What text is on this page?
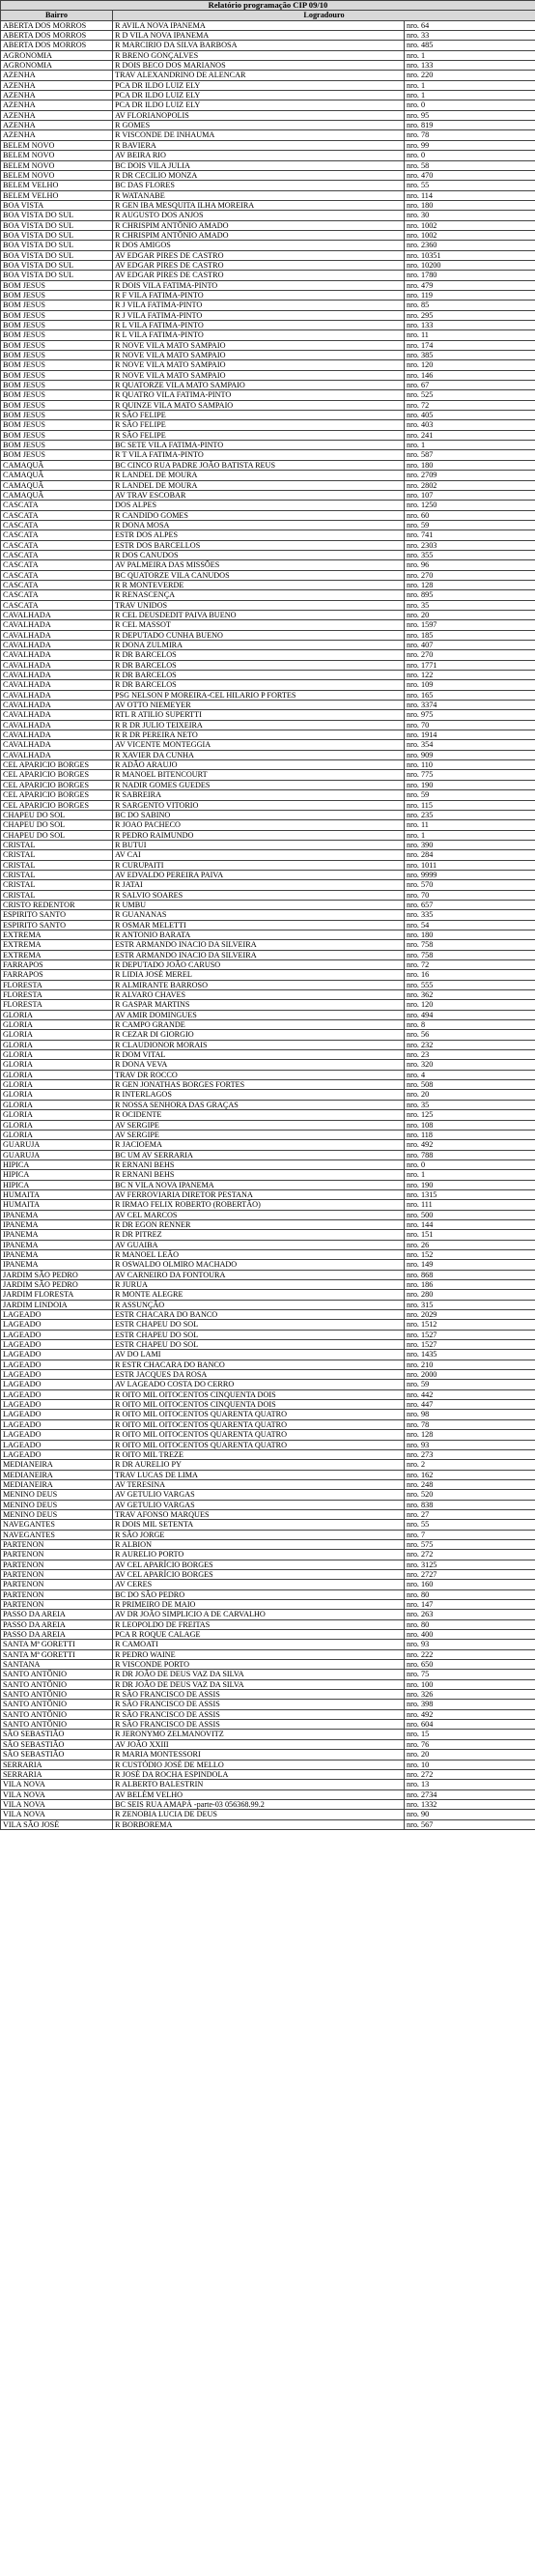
Relatório programação CIP 09/10		
Bairro	Logradouro	
ABERTA DOS MORROS	R AVILA NOVA IPANEMA	nro. 64
ABERTA DOS MORROS	R D VILA NOVA IPANEMA	nro. 33
ABERTA DOS MORROS	R MARCIRIO DA SILVA BARBOSA	nro. 485
AGRONOMIA	R BRENO GONÇALVES	nro. 1
AGRONOMIA	R DOIS BECO DOS MARIANOS	nro. 133
AZENHA	TRAV ALEXANDRINO DE ALENCAR	nro. 220
AZENHA	PCA DR ILDO LUIZ ELY	nro. 1
AZENHA	PCA DR ILDO LUIZ ELY	nro. 1
AZENHA	PCA DR ILDO LUIZ ELY	nro. 0
AZENHA	AV FLORIANOPOLIS	nro. 95
AZENHA	R GOMES	nro. 819
AZENHA	R VISCONDE DE INHAUMA	nro. 78
BELEM NOVO	R BAVIERA	nro. 99
BELEM NOVO	AV BEIRA RIO	nro. 0
BELEM NOVO	BC DOIS VILA JULIA	nro. 58
BELEM NOVO	R DR CECILIO MONZA	nro. 470
BELEM VELHO	BC DAS FLORES	nro. 55
BELEM VELHO	R WATANABE	nro. 114
BOA VISTA	R GEN IBA MESQUITA ILHA MOREIRA	nro. 180
BOA VISTA DO SUL	R AUGUSTO DOS ANJOS	nro. 30
BOA VISTA DO SUL	R CHRISPIM ANTÔNIO AMADO	nro. 1002
BOA VISTA DO SUL	R CHRISPIM ANTÔNIO AMADO	nro. 1002
BOA VISTA DO SUL	R DOS AMIGOS	nro. 2360
BOA VISTA DO SUL	AV EDGAR PIRES DE CASTRO	nro. 10351
BOA VISTA DO SUL	AV EDGAR PIRES DE CASTRO	nro. 10200
BOA VISTA DO SUL	AV EDGAR PIRES DE CASTRO	nro. 1780
BOM JESUS	R DOIS VILA FATIMA-PINTO	nro. 479
BOM JESUS	R F VILA FATIMA-PINTO	nro. 119
BOM JESUS	R J VILA FATIMA-PINTO	nro. 85
BOM JESUS	R J VILA FATIMA-PINTO	nro. 295
BOM JESUS	R L VILA FATIMA-PINTO	nro. 133
BOM JESUS	R L VILA FATIMA-PINTO	nro. 11
BOM JESUS	R NOVE VILA MATO SAMPAIO	nro. 174
BOM JESUS	R NOVE VILA MATO SAMPAIO	nro. 385
BOM JESUS	R NOVE VILA MATO SAMPAIO	nro. 120
BOM JESUS	R NOVE VILA MATO SAMPAIO	nro. 146
BOM JESUS	R QUATORZE VILA MATO SAMPAIO	nro. 67
BOM JESUS	R QUATRO VILA FATIMA-PINTO	nro. 525
BOM JESUS	R QUINZE VILA MATO SAMPAIO	nro. 72
BOM JESUS	R SÃO FELIPE	nro. 405
BOM JESUS	R SÃO FELIPE	nro. 403
BOM JESUS	R SÃO FELIPE	nro. 241
BOM JESUS	BC SETE VILA FATIMA-PINTO	nro. 1
BOM JESUS	R T VILA FATIMA-PINTO	nro. 587
CAMAQUÃ	BC CINCO RUA PADRE JOÃO BATISTA REUS	nro. 180
CAMAQUÃ	R LANDEL DE MOURA	nro. 2709
CAMAQUÃ	R LANDEL DE MOURA	nro. 2802
CAMAQUÃ	AV TRAV ESCOBAR	nro. 107
CASCATA	DOS ALPES	nro. 1250
CASCATA	R CANDIDO GOMES	nro. 60
CASCATA	R DONA MOSA	nro. 59
CASCATA	ESTR DOS ALPES	nro. 741
CASCATA	ESTR DOS BARCELLOS	nro. 2303
CASCATA	R DOS CANUDOS	nro. 355
CASCATA	AV PALMEIRA DAS MISSÕES	nro. 96
CASCATA	BC QUATORZE VILA CANUDOS	nro. 270
CASCATA	R R MONTEVERDE	nro. 128
CASCATA	R RENASCENÇA	nro. 895
CASCATA	TRAV UNIDOS	nro. 35
CAVALHADA	R CEL DEUSDEDIT PAIVA BUENO	nro. 20
CAVALHADA	R CEL MASSOT	nro. 1597
CAVALHADA	R DEPUTADO CUNHA BUENO	nro. 185
CAVALHADA	R DONA ZULMIRA	nro. 407
CAVALHADA	R DR BARCELOS	nro. 270
CAVALHADA	R DR BARCELOS	nro. 1771
CAVALHADA	R DR BARCELOS	nro. 122
CAVALHADA	R DR BARCELOS	nro. 109
CAVALHADA	PSG NELSON P MOREIRA-CEL HILARIO P FORTES	nro. 165
CAVALHADA	AV OTTO NIEMEYER	nro. 3374
CAVALHADA	RTL R ATILIO SUPERTTI	nro. 975
CAVALHADA	R R DR JULIO TEIXEIRA	nro. 70
CAVALHADA	R R DR PEREIRA NETO	nro. 1914
CAVALHADA	AV VICENTE MONTEGGIA	nro. 354
CAVALHADA	R XAVIER DA CUNHA	nro. 909
CEL APARICIO BORGES	R ADÃO ARAUJO	nro. 110
CEL APARICIO BORGES	R MANOEL BITENCOURT	nro. 775
CEL APARICIO BORGES	R NADIR GOMES GUEDES	nro. 190
CEL APARICIO BORGES	R SABREIRA	nro. 59
CEL APARICIO BORGES	R SARGENTO VITORIO	nro. 115
CHAPEU DO SOL	BC DO SABINO	nro. 235
CHAPEU DO SOL	R JOAO PACHECO	nro. 11
CHAPEU DO SOL	R PEDRO RAIMUNDO	nro. 1
CRISTAL	R BUTUI	nro. 390
CRISTAL	AV CAI	nro. 284
CRISTAL	R CURUPAITI	nro. 1011
CRISTAL	AV EDVALDO PEREIRA PAIVA	nro. 9999
CRISTAL	R JATAI	nro. 570
CRISTAL	R SALVIO SOARES	nro. 70
CRISTO REDENTOR	R UMBU	nro. 657
ESPIRITO SANTO	R GUANANAS	nro. 335
ESPIRITO SANTO	R OSMAR MELETTI	nro. 54
EXTREMA	R ANTONIO BARATA	nro. 180
EXTREMA	ESTR ARMANDO INACIO DA SILVEIRA	nro. 758
EXTREMA	ESTR ARMANDO INACIO DA SILVEIRA	nro. 758
FARRAPOS	R DEPUTADO JOÃO CARUSO	nro. 72
FARRAPOS	R LIDIA JOSÉ MEREL	nro. 16
FLORESTA	R ALMIRANTE BARROSO	nro. 555
FLORESTA	R ALVARO CHAVES	nro. 362
FLORESTA	R GASPAR MARTINS	nro. 120
GLORIA	AV AMIR DOMINGUES	nro. 494
GLORIA	R CAMPO GRANDE	nro. 8
GLORIA	R CEZAR DI GIORGIO	nro. 56
GLORIA	R CLAUDIONOR MORAIS	nro. 232
GLORIA	R DOM VITAL	nro. 23
GLORIA	R DONA VEVA	nro. 320
GLORIA	TRAV DR ROCCO	nro. 4
GLORIA	R GEN JONATHAS BORGES FORTES	nro. 508
GLORIA	R INTERLAGOS	nro. 20
GLORIA	R NOSSA SENHORA DAS GRAÇAS	nro. 35
GLORIA	R OCIDENTE	nro. 125
GLORIA	AV SERGIPE	nro. 108
GLORIA	AV SERGIPE	nro. 118
GUARUJA	R JACIOEMA	nro. 492
GUARUJA	BC UM AV SERRARIA	nro. 788
HIPICA	R ERNANI BEHS	nro. 0
HIPICA	R ERNANI BEHS	nro. 1
HIPICA	BC N VILA NOVA IPANEMA	nro. 190
HUMAITA	AV FERROVIARIA DIRETOR PESTANA	nro. 1315
HUMAITA	R IRMAO FELIX ROBERTO (ROBERTÃO)	nro. 111
IPANEMA	AV CEL MARCOS	nro. 500
IPANEMA	R DR EGON RENNER	nro. 144
IPANEMA	R DR PITREZ	nro. 151
IPANEMA	AV GUAIBA	nro. 26
IPANEMA	R MANOEL LEÃO	nro. 152
IPANEMA	R OSWALDO OLMIRO MACHADO	nro. 149
JARDIM SÃO PEDRO	AV CARNEIRO DA FONTOURA	nro. 868
JARDIM SÃO PEDRO	R JURUA	nro. 186
JARDIM FLORESTA	R MONTE ALEGRE	nro. 280
JARDIM LINDOIA	R ASSUNÇÃO	nro. 315
LAGEADO	ESTR CHACARA DO BANCO	nro. 2029
LAGEADO	ESTR CHAPEU DO SOL	nro. 1512
LAGEADO	ESTR CHAPEU DO SOL	nro. 1527
LAGEADO	ESTR CHAPEU DO SOL	nro. 1527
LAGEADO	AV DO LAMI	nro. 1435
LAGEADO	R ESTR CHACARA DO BANCO	nro. 210
LAGEADO	ESTR JACQUES DA ROSA	nro. 2000
LAGEADO	AV LAGEADO COSTA DO CERRO	nro. 59
LAGEADO	R OITO MIL OITOCENTOS CINQUENTA DOIS	nro. 442
LAGEADO	R OITO MIL OITOCENTOS CINQUENTA DOIS	nro. 447
LAGEADO	R OITO MIL OITOCENTOS QUARENTA QUATRO	nro. 98
LAGEADO	R OITO MIL OITOCENTOS QUARENTA QUATRO	nro. 78
LAGEADO	R OITO MIL OITOCENTOS QUARENTA QUATRO	nro. 128
LAGEADO	R OITO MIL OITOCENTOS QUARENTA QUATRO	nro. 93
LAGEADO	R OITO MIL TREZE	nro. 273
MEDIANEIRA	R DR AURELIO PY	nro. 2
MEDIANEIRA	TRAV LUCAS DE LIMA	nro. 162
MEDIANEIRA	AV TERESINA	nro. 248
MENINO DEUS	AV GETULIO VARGAS	nro. 520
MENINO DEUS	AV GETULIO VARGAS	nro. 838
MENINO DEUS	TRAV AFONSO MARQUES	nro. 27
NAVEGANTES	R DOIS MIL SETENTA	nro. 55
NAVEGANTES	R SÃO JORGE	nro. 7
PARTENON	R ALBION	nro. 575
PARTENON	R AURELIO PORTO	nro. 272
PARTENON	AV CEL APARÍCIO BORGES	nro. 3125
PARTENON	AV CEL APARÍCIO BORGES	nro. 2727
PARTENON	AV CERES	nro. 160
PARTENON	BC DO SÃO PEDRO	nro. 80
PARTENON	R PRIMEIRO DE MAIO	nro. 147
PASSO DA AREIA	AV DR JOÃO SIMPLICIO A DE CARVALHO	nro. 263
PASSO DA AREIA	R LEOPOLDO DE FREITAS	nro. 80
PASSO DA AREIA	PCA R ROQUE CALAGE	nro. 400
SANTA Mª GORETTI	R CAMOATI	nro. 93
SANTA Mª GORETTI	R PEDRO WAINE	nro. 222
SANTANA	R VISCONDE PORTO	nro. 650
SANTO ANTÔNIO	R DR JOÃO DE DEUS VAZ DA SILVA	nro. 75
SANTO ANTÔNIO	R DR JOÃO DE DEUS VAZ DA SILVA	nro. 100
SANTO ANTÔNIO	R SÃO FRANCISCO DE ASSIS	nro. 326
SANTO ANTÔNIO	R SÃO FRANCISCO DE ASSIS	nro. 398
SANTO ANTÔNIO	R SÃO FRANCISCO DE ASSIS	nro. 492
SANTO ANTÔNIO	R SÃO FRANCISCO DE ASSIS	nro. 604
SÃO SEBASTIÃO	R JERONYMO ZELMANOVITZ	nro. 15
SÃO SEBASTIÃO	AV JOÃO XXIII	nro. 76
SÃO SEBASTIÃO	R MARIA MONTESSORI	nro. 20
SERRARIA	R CUSTÓDIO JOSÉ DE MELLO	nro. 10
SERRARIA	R JOSÉ DA ROCHA ESPINDOLA	nro. 272
VILA NOVA	R ALBERTO BALESTRIN	nro. 13
VILA NOVA	AV BELÉM VELHO	nro. 2734
VILA NOVA	BC SEIS RUA AMAPÁ -parte-03 056368.99.2	nro. 1332
VILA NOVA	R ZENOBIA LUCIA DE DEUS	nro. 90
VILA SÃO JOSÉ	R BORBOREMA	nro. 567
